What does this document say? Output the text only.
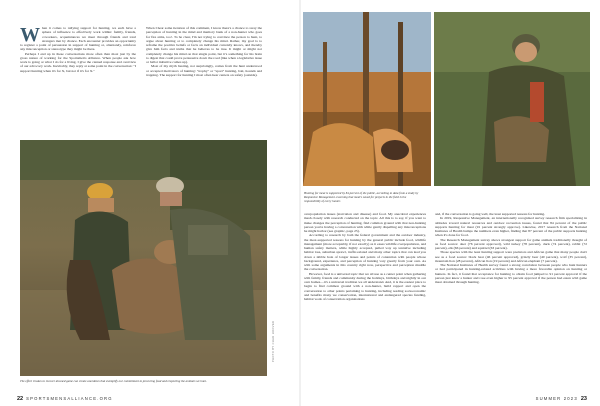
When it comes to rallying support for hunting, we each have a sphere of influence to effectively work within: family, friends, coworkers, acquaintances we meet through friends and total strangers met by chance. Each encounter provides an opportunity to register a point of persuasion in support of hunting or, alternately, reinforce any misconception or stereotype they might be there.

Perhaps I end up in these conversations more often than most just by the gross nature of working for the Sportsmen's Alliance. When people ask how work is going or what I do for a living, I give the canned response and overview of our advocacy work. Inevitably, they reply at some point in the conversation: "I support hunting when it's for X, but not if it's for X."

When I hear some iteration of this comment, I know there's a chance to sway the perception of hunting in the mind and memory bank of a non-hunter who goes for fire arms, too!. To be clear, I'm not trying to convince the person to hunt, to argue about hunting or to completely change his mind. Rather, my goal is to reframe the positive beliefs or facts an individual currently knows, and thereby give him facts and truths that he believes to be true. It might or might not completely change his mind on that single point, but it's something for his brain to digest that could prove persuasive down the road (like when a legislative issue or ballot initiative comes up).

Most of my myth busting, not surprisingly, comes from the hunt understood or accepted motivators of hunting: "trophy" or "sport" hunting, bait, hounds and trapping. The support for hunting I most often hear centers on safety (outside).

PHOTO BY CHAD HOOVER
The effort it takes to recover downed game can create anecdotes that exemplify our commitment to procuring food and respecting the animals we hunt.
22 SPORTSMENSALLIANCE.ORG
Hunting for meat is supported by 84 percent of the public, according to data from a study by Responsive Management. Learning that meat's saved for projects in the field is the responsibility of every hunter.

overpopulation issues (starvation and disease) and food. My anecdotal experiences mesh closely with research conducted on the topic. All this is to say, if you want to make changes the perception of hunting, find common ground with that non-hunting person you're having a conversation with while gently dispelling any misconceptions he might harbor (see graphic, page 25).

According to research by both the federal government and the outdoor industry, the most-supported reasons for hunting by the general public include food, wildlife management (more acceptably, if not exactly) as it eases wildlife overpopulation, and human safety matters, while highly accepted, pulled way up tentative including habitat loss, suburban sprawl, traffic-related and many other topics that can lead you down a nibble hole of longer issues and points of contention with people whose background, experience, and perception of hunting vary greatly from your own. As with some arguments in this country right now, perspective and perception muddle the conversation.

However, food is a universal topic that we all use as a center point when gathering with family, friends and community during the holidays, birthdays and nightly in our own homes—it's a universal tradition we all understand. And, it is the easiest place to begin to find common ground with a non-hunter, build rapport and open the conversation to other points pertaining to hunting, including reading socioeconomic and benefits many we conservation, international and endangered species funding, habitat work of conservation organizations

and, if the conversation is going well, the least supported reasons for hunting.

In 2019, Responsive Management, an internationally recognized survey research firm specializing in attitudes toward natural resources and outdoor recreation issues, found that 84 percent of the public supports hunting for meat (91 percent strongly approve). Likewise, 2017 research from the National Institutes of Health bumps the numbers even higher, finding that 87 percent of the public supports hunting when it's done for food.

The Research Management survey shows strongest support for game animals traditionally thought of as food source: deer (76 percent approved), wild turkey (78 percent), duck (74 percent), rabbit (72 percent), elk (66 percent) and squirrel (63 percent).

Those species with the least hunting support were predators and African game that many people don't see as a food source: black bear (46 percent approved), grizzly bear (40 percent), wolf (35 percent), mountain lion (28 percent), African lion (19 percent) and African elephant (7 percent).

The National Institutes of Health survey found a strong correlation between people who hunt hunters or had participated in hunting-related activities with having a more favorable opinion on hunting or hunters. In fact, it found that acceptance for hunting to obtain food jumped to 91 percent approval if the person just knew a hunter and rose even higher to 95 percent approval if the person had eaten wild game meat obtained through hunting.

SUMMER 2023 23
